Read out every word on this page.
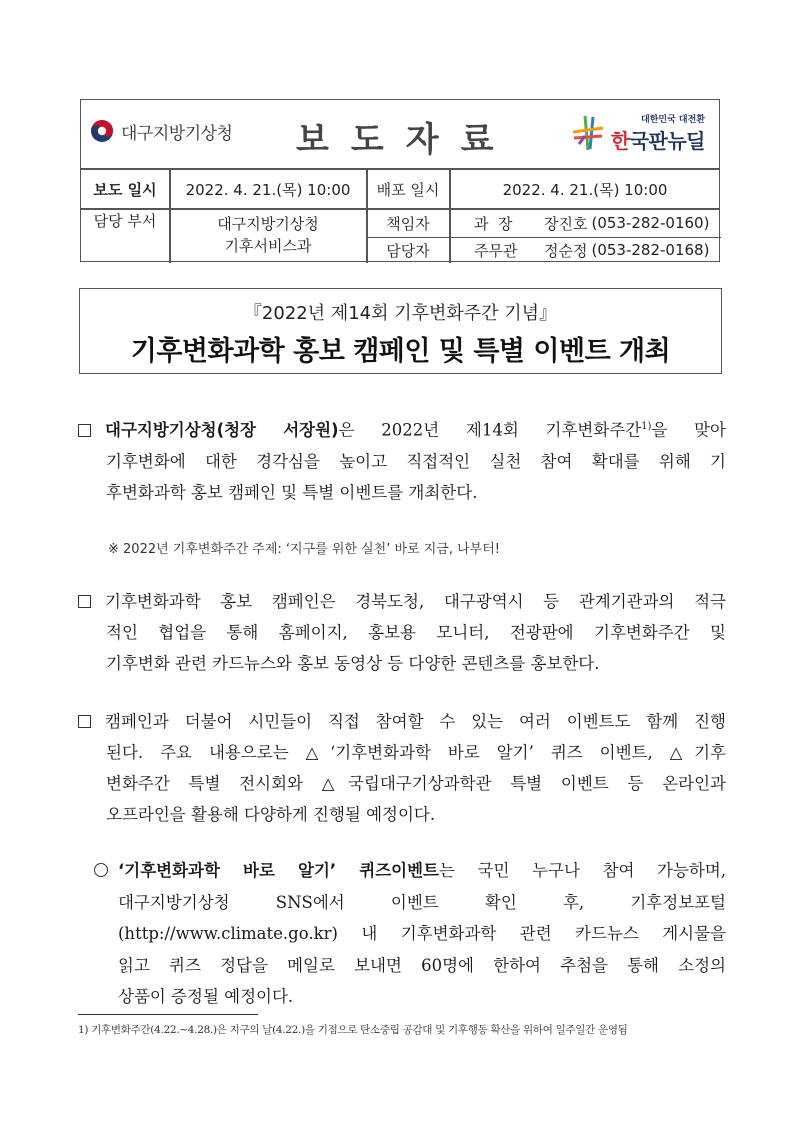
대구지방기상청 보도자료	대한민국 대전환
한국판뉴딜
보도 일시	2022. 4. 21.(목) 10:00	배포 일시	2022. 4. 21.(목) 10:00
담당 부서	대구지방기상청
기후서비스과
책임자	과  장	장진호 (053-282-0160)
담당자	주무관	정순정 (053-282-0168)
『2022년 제14회 기후변화주간 기념』
기후변화과학 홍보 캠페인 및 특별 이벤트 개최
대구지방기상청(청장 서장원)은 2022년 제14회 기후변화주간$^{1)}$을 맞아
기후변화에 대한 경각심을 높이고 직접적인 실천 참여 확대를 위해 기
후변화과학 홍보 캠페인 및 특별 이벤트를 개최한다.
※ 2022년 기후변화주간 주제: ‘지구를 위한 실천’ 바로 지금, 나부터!
기후변화과학 홍보 캠페인은 경북도청, 대구광역시 등 관계기관과의 적극
적인 협업을 통해 홈페이지, 홍보용 모니터, 전광판에 기후변화주간 및
기후변화 관련 카드뉴스와 홍보 동영상 등 다양한 콘텐츠를 홍보한다.
캠페인과 더불어 시민들이 직접 참여할 수 있는 여러 이벤트도 함께 진행
된다. 주요 내용으로는 △‘기후변화과학 바로 알기’ 퀴즈 이벤트, △기후
변화주간 특별 전시회와 △국립대구기상과학관 특별 이벤트 등 온라인과
오프라인을 활용해 다양하게 진행될 예정이다.
‘기후변화과학 바로 알기’ 퀴즈이벤트는 국민 누구나 참여 가능하며,
대구지방기상청 SNS에서 이벤트 확인 후, 기후정보포털
(http://www.climate.go.kr) 내 기후변화과학 관련 카드뉴스 게시물을
읽고 퀴즈 정답을 메일로 보내면 60명에 한하여 추첨을 통해 소정의
상품이 증정될 예정이다.
1) 기후변화주간(4.22.~4.28.)은 지구의 날(4.22.)을 기점으로 탄소중립 공감대 및 기후행동 확산을 위하여 일주일간 운영됨
